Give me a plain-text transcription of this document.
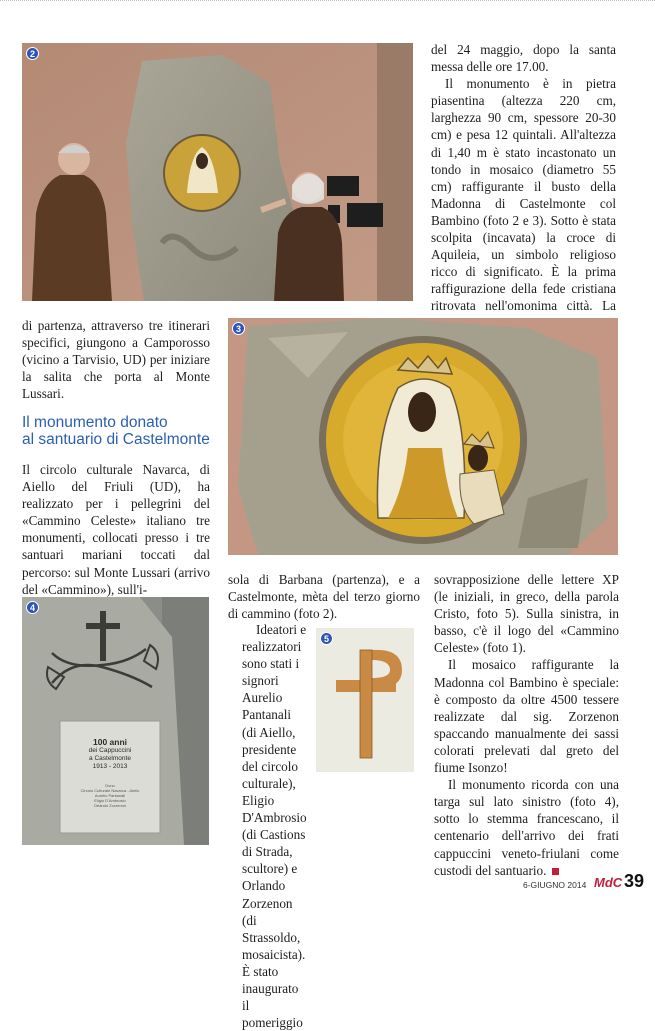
2	del 24 maggio, dopo la santa messa delle ore 17.00.

Il monumento è in pietra piasentina (altezza 220 cm, larghezza 90 cm, spessore 20-30 cm) e pesa 12 quintali. All'altezza di 1,40 m è stato incastonato un tondo in mosaico (diametro 55 cm) raffigurante il busto della Madonna di Castelmonte col Bambino (foto 2 e 3). Sotto è stata scolpita (incavata) la croce di Aquileia, un simbolo religioso ricco di significato. È la prima raffigurazione della fede cristiana ritrovata nell'omonima città. La

di partenza, attraverso tre itinerari specifici, giungono a Camporosso (vicino a Tarvisio, UD) per iniziare la salita che porta al Monte Lussari.

3
Il monumento donato
al santuario di Castelmonte

Il circolo culturale Navarca, di Aiello del Friuli (UD), ha realizzato per i pellegrini del «Cammino Celeste» italiano tre monumenti, collocati presso i tre santuari mariani toccati dal percorso: sul Monte Lussari (arrivo del «Cammino»), sull'i-

100 anni
dei Cappuccini
a Castelmonte
1913 - 2013
Dono
Circolo Culturale Navarca - Aiello
Aurelio Pantanali
Eligio D'Ambrosio
Orlando Zorzenon
4

sola di Barbana (partenza), e a Castelmonte, mèta del terzo giorno di cammino (foto 2).

Ideatori e realizzatori sono stati i signori Aurelio Pantanali (di Aiello, presidente del circolo culturale), Eligio D'Ambrosio (di Castions di Strada, scultore) e Orlando Zorzenon (di Strassoldo, mosaicista). È stato inaugurato il pomeriggio

5

sovrapposizione delle lettere XP (le iniziali, in greco, della parola Cristo, foto 5). Sulla sinistra, in basso, c'è il logo del «Cammino Celeste» (foto 1).

Il mosaico raffigurante la Madonna col Bambino è speciale: è composto da oltre 4500 tessere realizzate dal sig. Zorzenon spaccando manualmente dei sassi colorati prelevati dal greto del fiume Isonzo!

Il monumento ricorda con una targa sul lato sinistro (foto 4), sotto lo stemma francescano, il centenario dell'arrivo dei frati cappuccini veneto-friulani come custodi del santuario.

6-GIUGNO 2014 MdC 39
